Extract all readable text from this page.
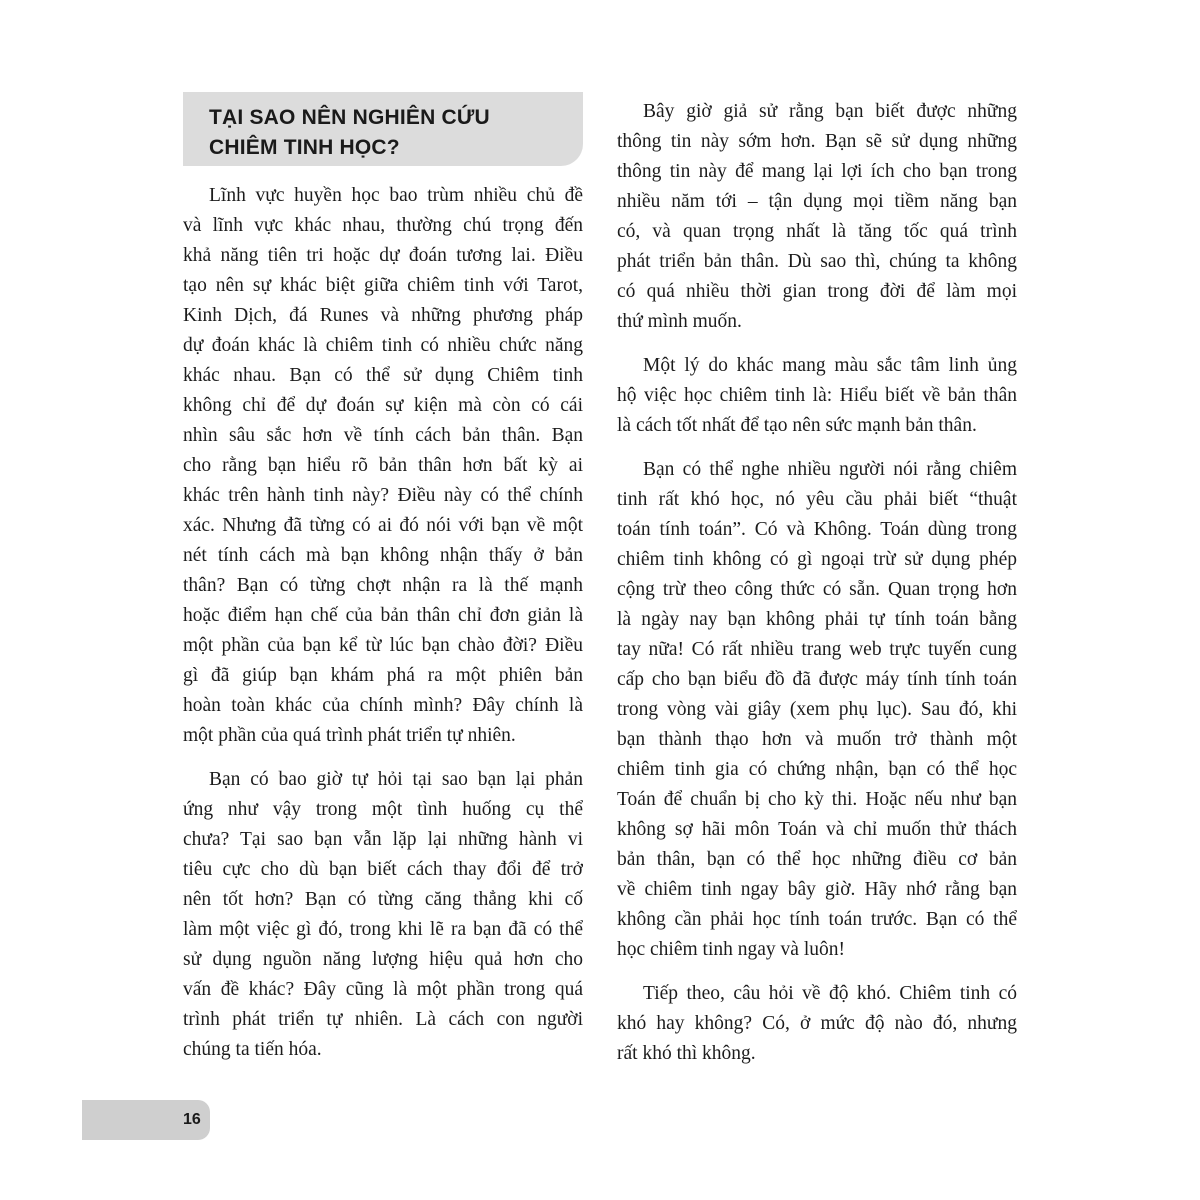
TẠI SAO NÊN NGHIÊN CỨU
CHIÊM TINH HỌC?
Lĩnh vực huyền học bao trùm nhiều chủ đề
và lĩnh vực khác nhau, thường chú trọng đến
khả năng tiên tri hoặc dự đoán tương lai. Điều
tạo nên sự khác biệt giữa chiêm tinh với Tarot,
Kinh Dịch, đá Runes và những phương pháp
dự đoán khác là chiêm tinh có nhiều chức năng
khác nhau. Bạn có thể sử dụng Chiêm tinh
không chỉ để dự đoán sự kiện mà còn có cái
nhìn sâu sắc hơn về tính cách bản thân. Bạn
cho rằng bạn hiểu rõ bản thân hơn bất kỳ ai
khác trên hành tinh này? Điều này có thể chính
xác. Nhưng đã từng có ai đó nói với bạn về một
nét tính cách mà bạn không nhận thấy ở bản
thân? Bạn có từng chợt nhận ra là thế mạnh
hoặc điểm hạn chế của bản thân chỉ đơn giản là
một phần của bạn kể từ lúc bạn chào đời? Điều
gì đã giúp bạn khám phá ra một phiên bản
hoàn toàn khác của chính mình? Đây chính là
một phần của quá trình phát triển tự nhiên.
Bạn có bao giờ tự hỏi tại sao bạn lại phản
ứng như vậy trong một tình huống cụ thể
chưa? Tại sao bạn vẫn lặp lại những hành vi
tiêu cực cho dù bạn biết cách thay đổi để trở
nên tốt hơn? Bạn có từng căng thẳng khi cố
làm một việc gì đó, trong khi lẽ ra bạn đã có thể
sử dụng nguồn năng lượng hiệu quả hơn cho
vấn đề khác? Đây cũng là một phần trong quá
trình phát triển tự nhiên. Là cách con người
chúng ta tiến hóa.
Bây giờ giả sử rằng bạn biết được những
thông tin này sớm hơn. Bạn sẽ sử dụng những
thông tin này để mang lại lợi ích cho bạn trong
nhiều năm tới – tận dụng mọi tiềm năng bạn
có, và quan trọng nhất là tăng tốc quá trình
phát triển bản thân. Dù sao thì, chúng ta không
có quá nhiều thời gian trong đời để làm mọi
thứ mình muốn.
Một lý do khác mang màu sắc tâm linh ủng
hộ việc học chiêm tinh là: Hiểu biết về bản thân
là cách tốt nhất để tạo nên sức mạnh bản thân.
Bạn có thể nghe nhiều người nói rằng chiêm
tinh rất khó học, nó yêu cầu phải biết “thuật
toán tính toán”. Có và Không. Toán dùng trong
chiêm tinh không có gì ngoại trừ sử dụng phép
cộng trừ theo công thức có sẵn. Quan trọng hơn
là ngày nay bạn không phải tự tính toán bằng
tay nữa! Có rất nhiều trang web trực tuyến cung
cấp cho bạn biểu đồ đã được máy tính tính toán
trong vòng vài giây (xem phụ lục). Sau đó, khi
bạn thành thạo hơn và muốn trở thành một
chiêm tinh gia có chứng nhận, bạn có thể học
Toán để chuẩn bị cho kỳ thi. Hoặc nếu như bạn
không sợ hãi môn Toán và chỉ muốn thử thách
bản thân, bạn có thể học những điều cơ bản
về chiêm tinh ngay bây giờ. Hãy nhớ rằng bạn
không cần phải học tính toán trước. Bạn có thể
học chiêm tinh ngay và luôn!
Tiếp theo, câu hỏi về độ khó. Chiêm tinh có
khó hay không? Có, ở mức độ nào đó, nhưng
rất khó thì không.
16
